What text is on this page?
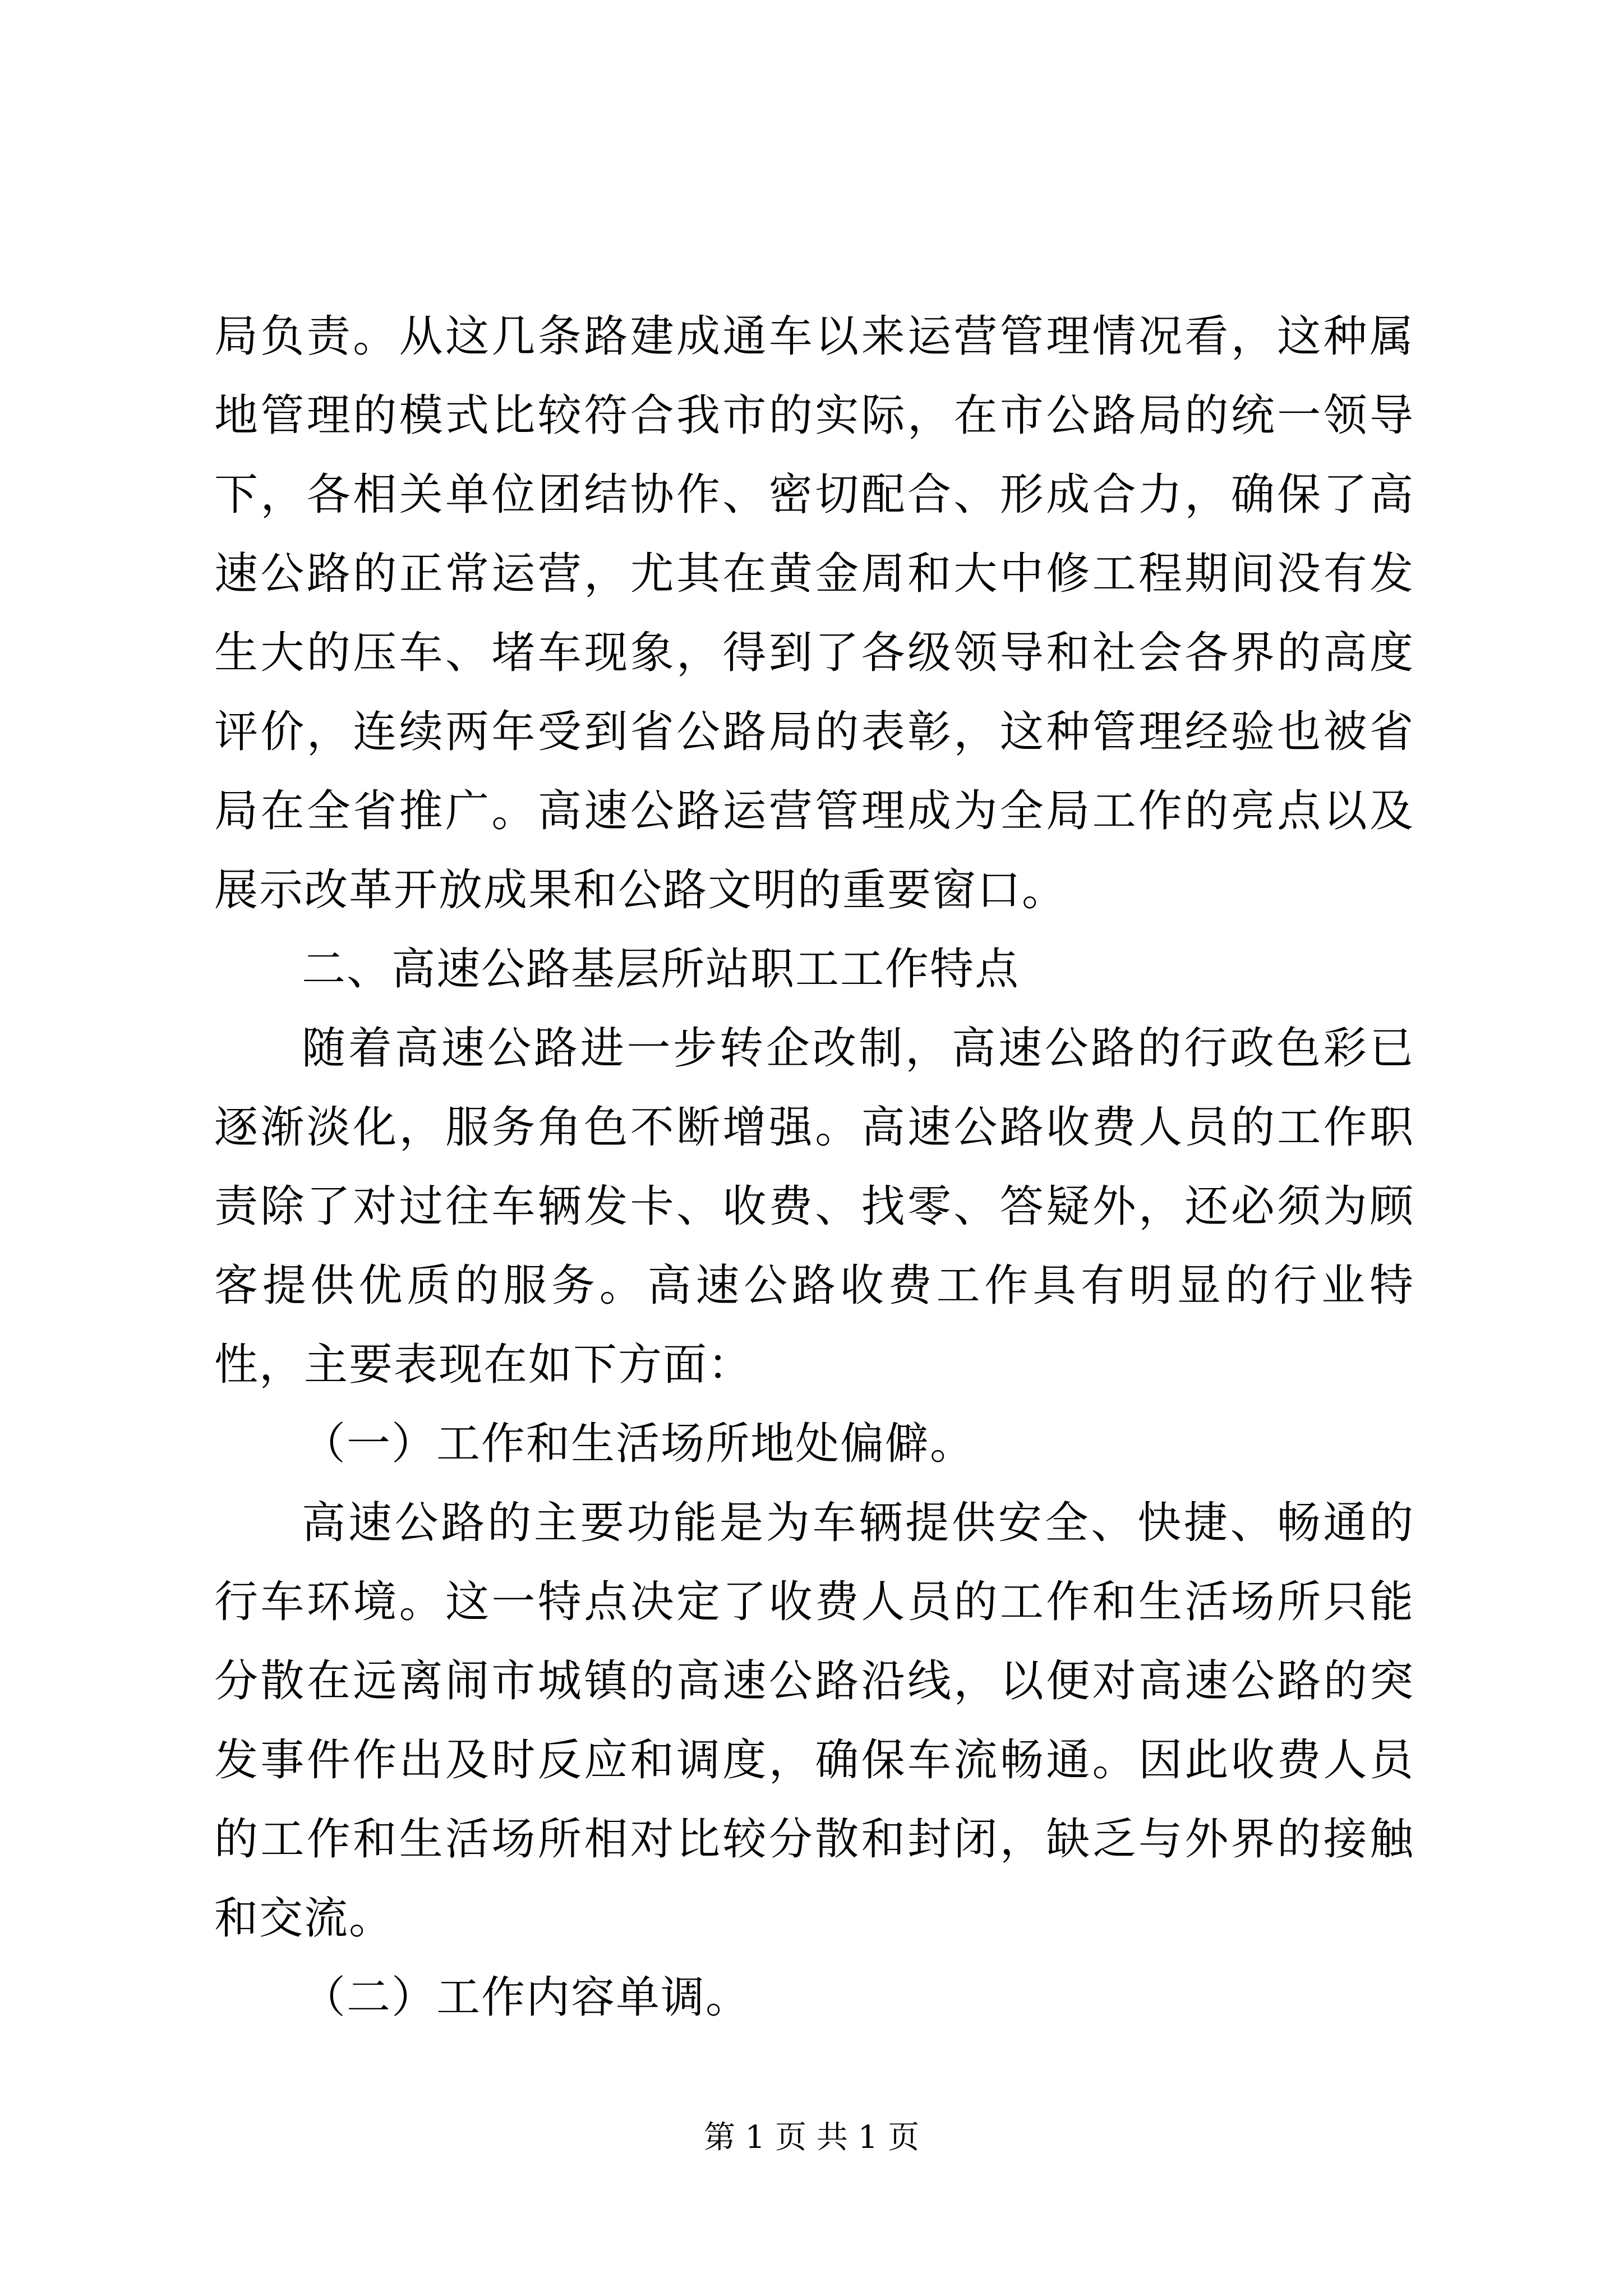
局负责。从这几条路建成通车以来运营管理情况看，这种属地管理的模式比较符合我市的实际，在市公路局的统一领导下，各相关单位团结协作、密切配合、形成合力，确保了高速公路的正常运营，尤其在黄金周和大中修工程期间没有发生大的压车、堵车现象，得到了各级领导和社会各界的高度评价，连续两年受到省公路局的表彰，这种管理经验也被省局在全省推广。高速公路运营管理成为全局工作的亮点以及展示改革开放成果和公路文明的重要窗口。

二、高速公路基层所站职工工作特点

随着高速公路进一步转企改制，高速公路的行政色彩已逐渐淡化，服务角色不断增强。高速公路收费人员的工作职责除了对过往车辆发卡、收费、找零、答疑外，还必须为顾客提供优质的服务。高速公路收费工作具有明显的行业特性，主要表现在如下方面：

（一）工作和生活场所地处偏僻。

高速公路的主要功能是为车辆提供安全、快捷、畅通的行车环境。这一特点决定了收费人员的工作和生活场所只能分散在远离闹市城镇的高速公路沿线，以便对高速公路的突发事件作出及时反应和调度，确保车流畅通。因此收费人员的工作和生活场所相对比较分散和封闭，缺乏与外界的接触和交流。

（二）工作内容单调。

第 1 页 共 1 页
